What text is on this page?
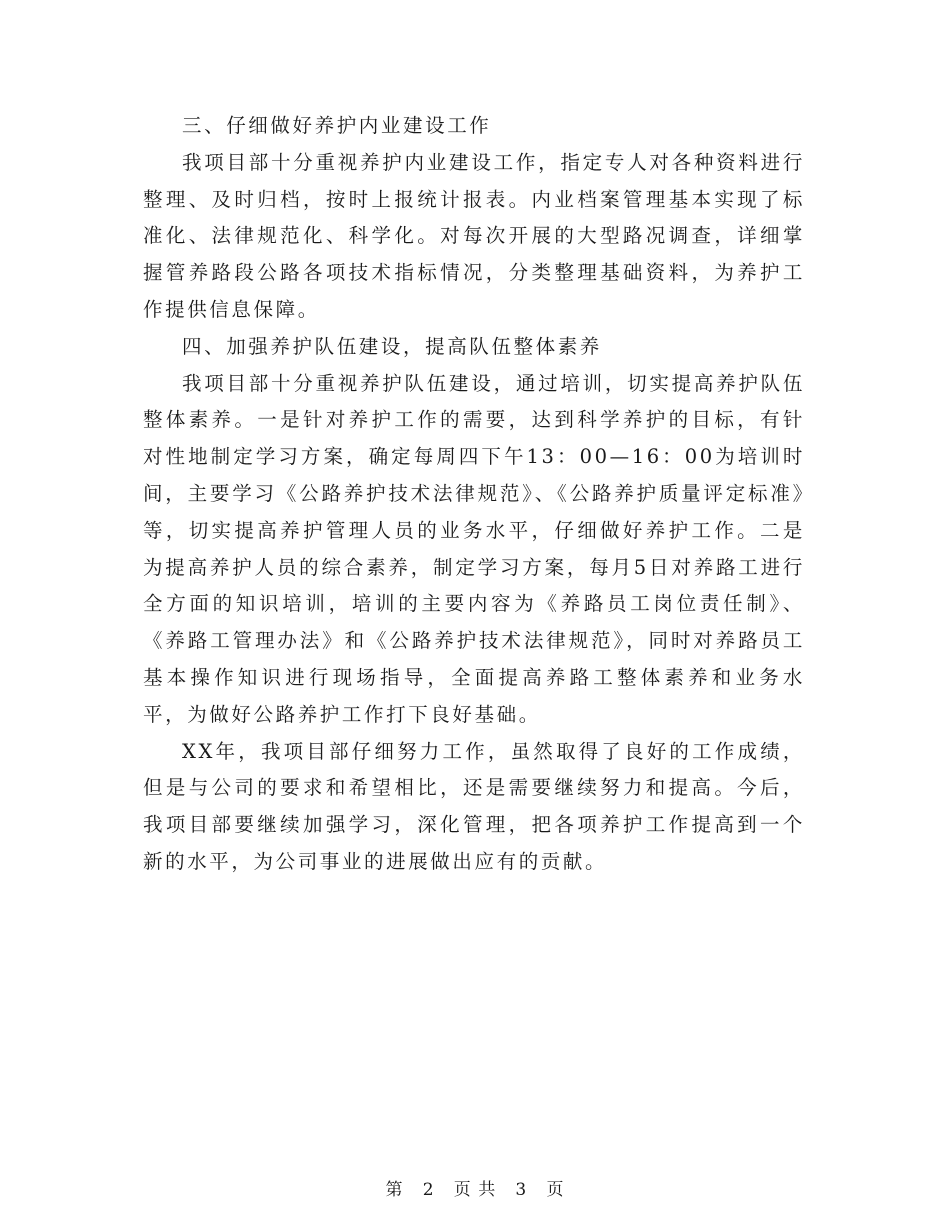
三、仔细做好养护内业建设工作

我项目部十分重视养护内业建设工作，指定专人对各种资料进行整理、及时归档，按时上报统计报表。内业档案管理基本实现了标准化、法律规范化、科学化。对每次开展的大型路况调查，详细掌握管养路段公路各项技术指标情况，分类整理基础资料，为养护工作提供信息保障。

四、加强养护队伍建设，提高队伍整体素养

我项目部十分重视养护队伍建设，通过培训，切实提高养护队伍整体素养。一是针对养护工作的需要，达到科学养护的目标，有针对性地制定学习方案，确定每周四下午13：00—16：00为培训时间，主要学习《公路养护技术法律规范》、《公路养护质量评定标准》等，切实提高养护管理人员的业务水平，仔细做好养护工作。二是为提高养护人员的综合素养，制定学习方案，每月5日对养路工进行全方面的知识培训，培训的主要内容为《养路员工岗位责任制》、《养路工管理办法》和《公路养护技术法律规范》，同时对养路员工基本操作知识进行现场指导，全面提高养路工整体素养和业务水平，为做好公路养护工作打下良好基础。

XX年，我项目部仔细努力工作，虽然取得了良好的工作成绩，但是与公司的要求和希望相比，还是需要继续努力和提高。今后，我项目部要继续加强学习，深化管理，把各项养护工作提高到一个新的水平，为公司事业的进展做出应有的贡献。

第 2 页 共 3 页
